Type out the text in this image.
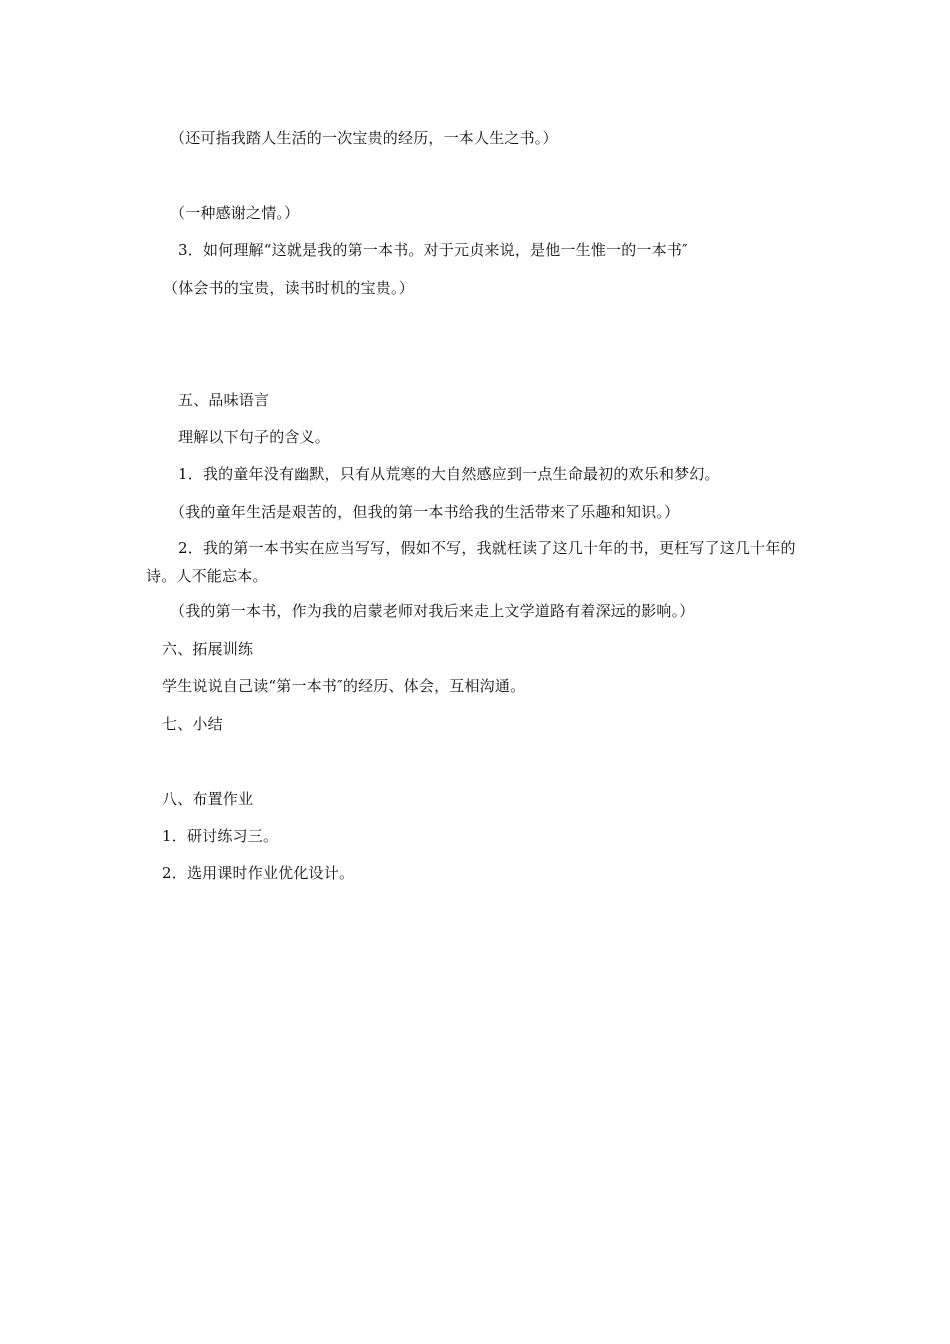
（还可指我踏人生活的一次宝贵的经历，一本人生之书。）
（一种感谢之情。）
3．如何理解“这就是我的第一本书。对于元贞来说，是他一生惟一的一本书″
（体会书的宝贵，读书时机的宝贵。）
五、品味语言
理解以下句子的含义。
1．我的童年没有幽默，只有从荒寒的大自然感应到一点生命最初的欢乐和梦幻。
（我的童年生活是艰苦的，但我的第一本书给我的生活带来了乐趣和知识。）
2．我的第一本书实在应当写写，假如不写，我就枉读了这几十年的书，更枉写了这几十年的诗。人不能忘本。
（我的第一本书，作为我的启蒙老师对我后来走上文学道路有着深远的影响。）
六、拓展训练
学生说说自己读“第一本书″的经历、体会，互相沟通。
七、小结
八、布置作业
1．研讨练习三。
2．选用课时作业优化设计。
